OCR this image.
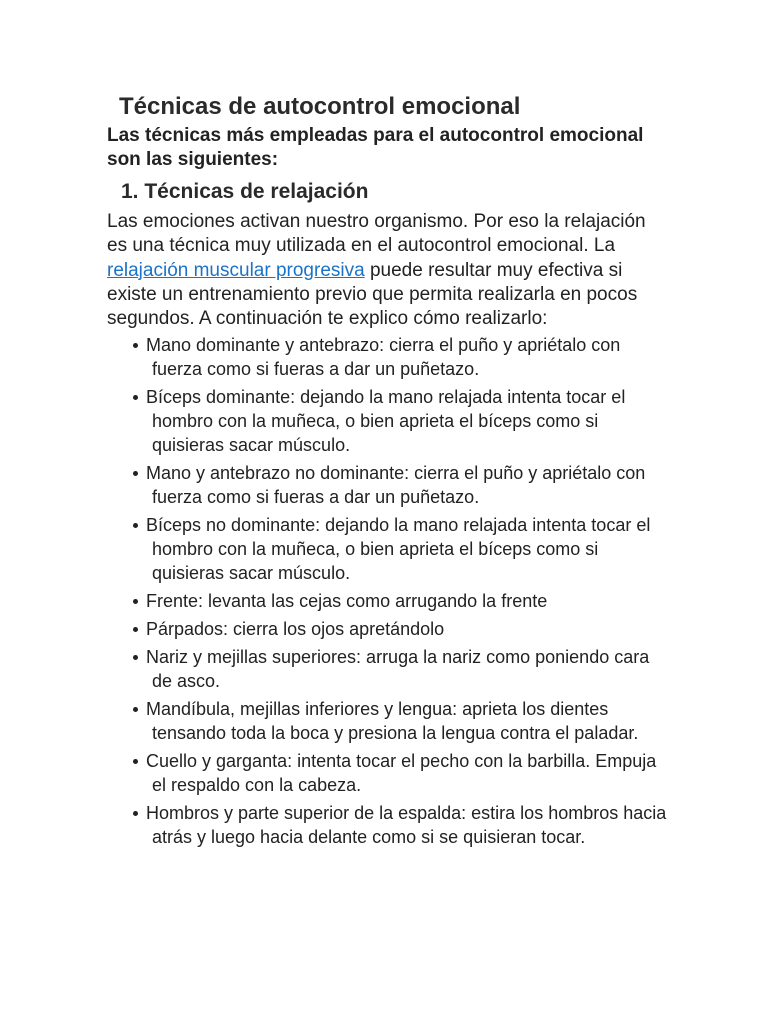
Técnicas de autocontrol emocional

Las técnicas más empleadas para el autocontrol emocional son las siguientes:

1. Técnicas de relajación

Las emociones activan nuestro organismo. Por eso la relajación es una técnica muy utilizada en el autocontrol emocional. La relajación muscular progresiva puede resultar muy efectiva si existe un entrenamiento previo que permita realizarla en pocos segundos. A continuación te explico cómo realizarlo:

Mano dominante y antebrazo: cierra el puño y apriétalo con fuerza como si fueras a dar un puñetazo.
Bíceps dominante: dejando la mano relajada intenta tocar el hombro con la muñeca, o bien aprieta el bíceps como si quisieras sacar músculo.
Mano y antebrazo no dominante: cierra el puño y apriétalo con fuerza como si fueras a dar un puñetazo.
Bíceps no dominante: dejando la mano relajada intenta tocar el hombro con la muñeca, o bien aprieta el bíceps como si quisieras sacar músculo.
Frente: levanta las cejas como arrugando la frente
Párpados: cierra los ojos apretándolo
Nariz y mejillas superiores: arruga la nariz como poniendo cara de asco.
Mandíbula, mejillas inferiores y lengua: aprieta los dientes tensando toda la boca y presiona la lengua contra el paladar.
Cuello y garganta: intenta tocar el pecho con la barbilla. Empuja el respaldo con la cabeza.
Hombros y parte superior de la espalda: estira los hombros hacia atrás y luego hacia delante como si se quisieran tocar.
